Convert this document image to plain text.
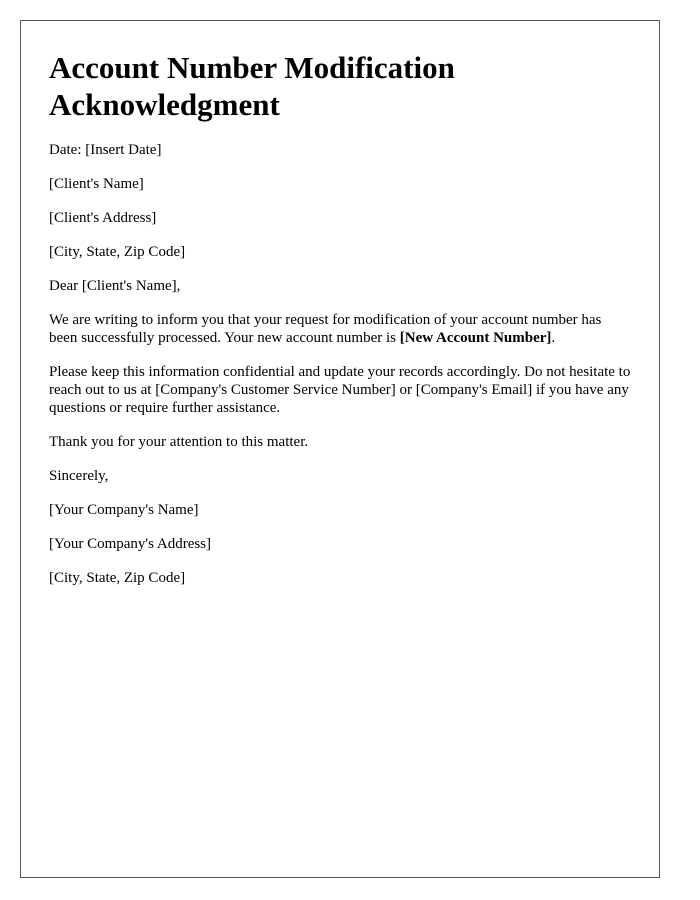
Account Number Modification Acknowledgment

Date: [Insert Date]

[Client's Name]

[Client's Address]

[City, State, Zip Code]

Dear [Client's Name],

We are writing to inform you that your request for modification of your account number has been successfully processed. Your new account number is [New Account Number].

Please keep this information confidential and update your records accordingly. Do not hesitate to reach out to us at [Company's Customer Service Number] or [Company's Email] if you have any questions or require further assistance.

Thank you for your attention to this matter.

Sincerely,

[Your Company's Name]

[Your Company's Address]

[City, State, Zip Code]
